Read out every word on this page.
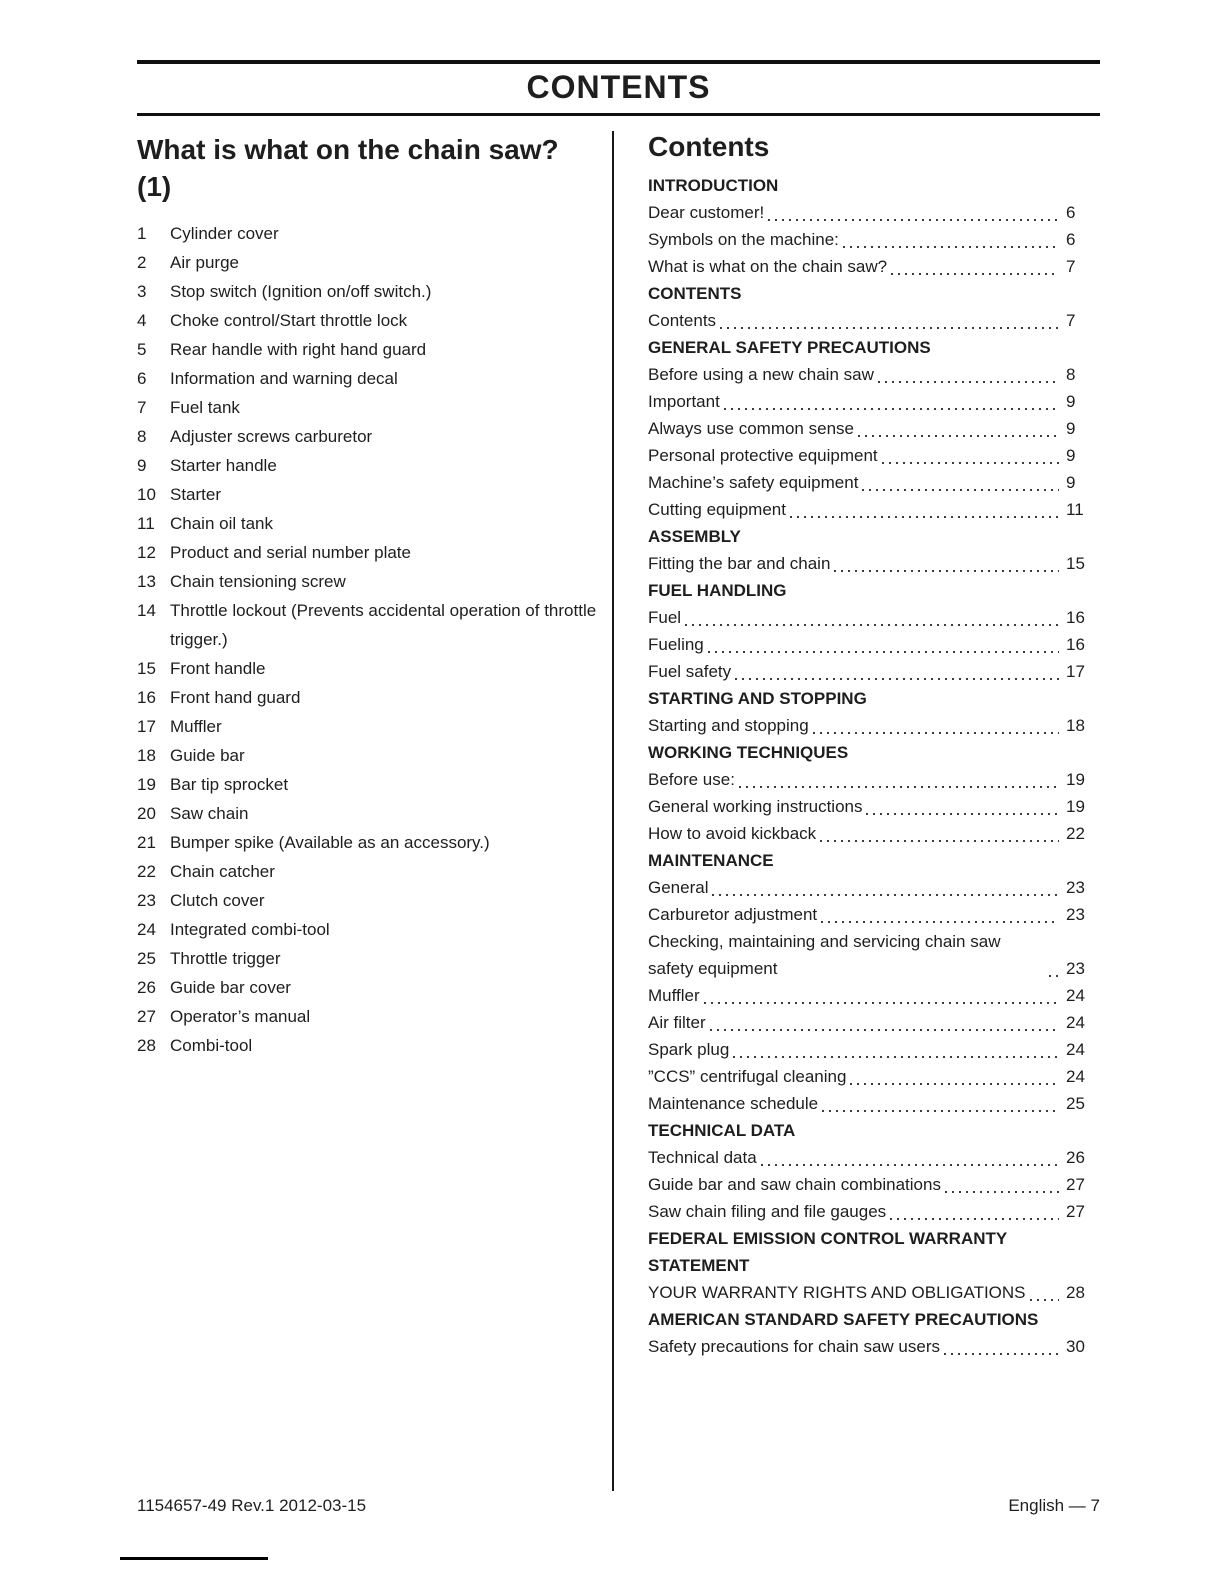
CONTENTS
What is what on the chain saw?
(1)
1	Cylinder cover
2	Air purge
3	Stop switch (Ignition on/off switch.)
4	Choke control/Start throttle lock
5	Rear handle with right hand guard
6	Information and warning decal
7	Fuel tank
8	Adjuster screws carburetor
9	Starter handle
10 Starter
11 Chain oil tank
12 Product and serial number plate
13 Chain tensioning screw
14 Throttle lockout (Prevents accidental operation of throttle trigger.)
15 Front handle
16 Front hand guard
17 Muffler
18 Guide bar
19 Bar tip sprocket
20 Saw chain
21 Bumper spike (Available as an accessory.)
22 Chain catcher
23 Clutch cover
24 Integrated combi-tool
25 Throttle trigger
26 Guide bar cover
27 Operator’s manual
28 Combi-tool
Contents
INTRODUCTION
Dear customer!	6
Symbols on the machine:	6
What is what on the chain saw?	7
CONTENTS
Contents	7
GENERAL SAFETY PRECAUTIONS
Before using a new chain saw	8
Important	9
Always use common sense	9
Personal protective equipment	9
Machine’s safety equipment	9
Cutting equipment	11
ASSEMBLY
Fitting the bar and chain	15
FUEL HANDLING
Fuel	16
Fueling	16
Fuel safety	17
STARTING AND STOPPING
Starting and stopping	18
WORKING TECHNIQUES
Before use:	19
General working instructions	19
How to avoid kickback	22
MAINTENANCE
General	23
Carburetor adjustment	23
Checking, maintaining and servicing chain saw safety equipment	23
Muffler	24
Air filter	24
Spark plug	24
”CCS” centrifugal cleaning	24
Maintenance schedule	25
TECHNICAL DATA
Technical data	26
Guide bar and saw chain combinations	27
Saw chain filing and file gauges	27
FEDERAL EMISSION CONTROL WARRANTY STATEMENT
YOUR WARRANTY RIGHTS AND OBLIGATIONS 28
AMERICAN STANDARD SAFETY PRECAUTIONS
Safety precautions for chain saw users	30
1154657-49 Rev.1 2012-03-15	English — 7
